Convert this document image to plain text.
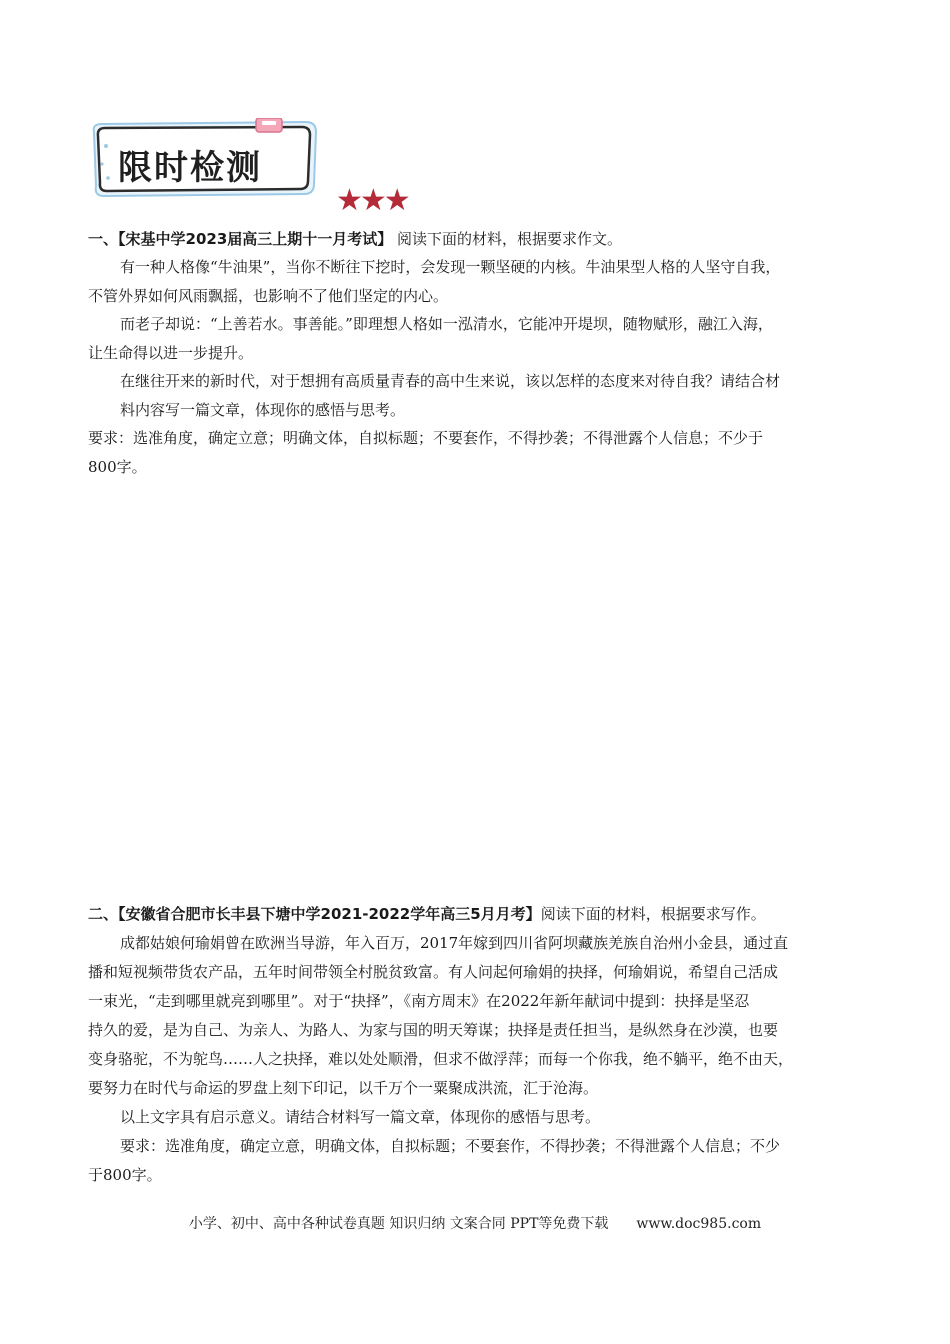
限时检测
★★★
一、【宋基中学2023届高三上期十一月考试】 阅读下面的材料，根据要求作文。
有一种人格像“牛油果”，当你不断往下挖时，会发现一颗坚硬的内核。牛油果型人格的人坚守自我，
不管外界如何风雨飘摇，也影响不了他们坚定的内心。
而老子却说：“上善若水。事善能。”即理想人格如一泓清水，它能冲开堤坝，随物赋形，融江入海，
让生命得以进一步提升。
在继往开来的新时代，对于想拥有高质量青春的高中生来说，该以怎样的态度来对待自我？请结合材
料内容写一篇文章，体现你的感悟与思考。
要求：选准角度，确定立意；明确文体，自拟标题；不要套作，不得抄袭；不得泄露个人信息；不少于
800字。
二、【安徽省合肥市长丰县下塘中学2021-2022学年高三5月月考】阅读下面的材料，根据要求写作。
成都姑娘何瑜娟曾在欧洲当导游，年入百万，2017年嫁到四川省阿坝藏族羌族自治州小金县，通过直
播和短视频带货农产品，五年时间带领全村脱贫致富。有人问起何瑜娟的抉择，何瑜娟说，希望自己活成
一束光，“走到哪里就亮到哪里”。对于“抉择”，《南方周末》在2022年新年献词中提到：抉择是坚忍
持久的爱，是为自己、为亲人、为路人、为家与国的明天筹谋；抉择是责任担当，是纵然身在沙漠，也要
变身骆驼，不为鸵鸟……人之抉择，难以处处顺滑，但求不做浮萍；而每一个你我，绝不躺平，绝不由天，
要努力在时代与命运的罗盘上刻下印记，以千万个一粟聚成洪流，汇于沧海。
以上文字具有启示意义。请结合材料写一篇文章，体现你的感悟与思考。
要求：选准角度，确定立意，明确文体，自拟标题；不要套作，不得抄袭；不得泄露个人信息；不少
于800字。
小学、初中、高中各种试卷真题 知识归纳 文案合同 PPT等免费下载 www.doc985.com
